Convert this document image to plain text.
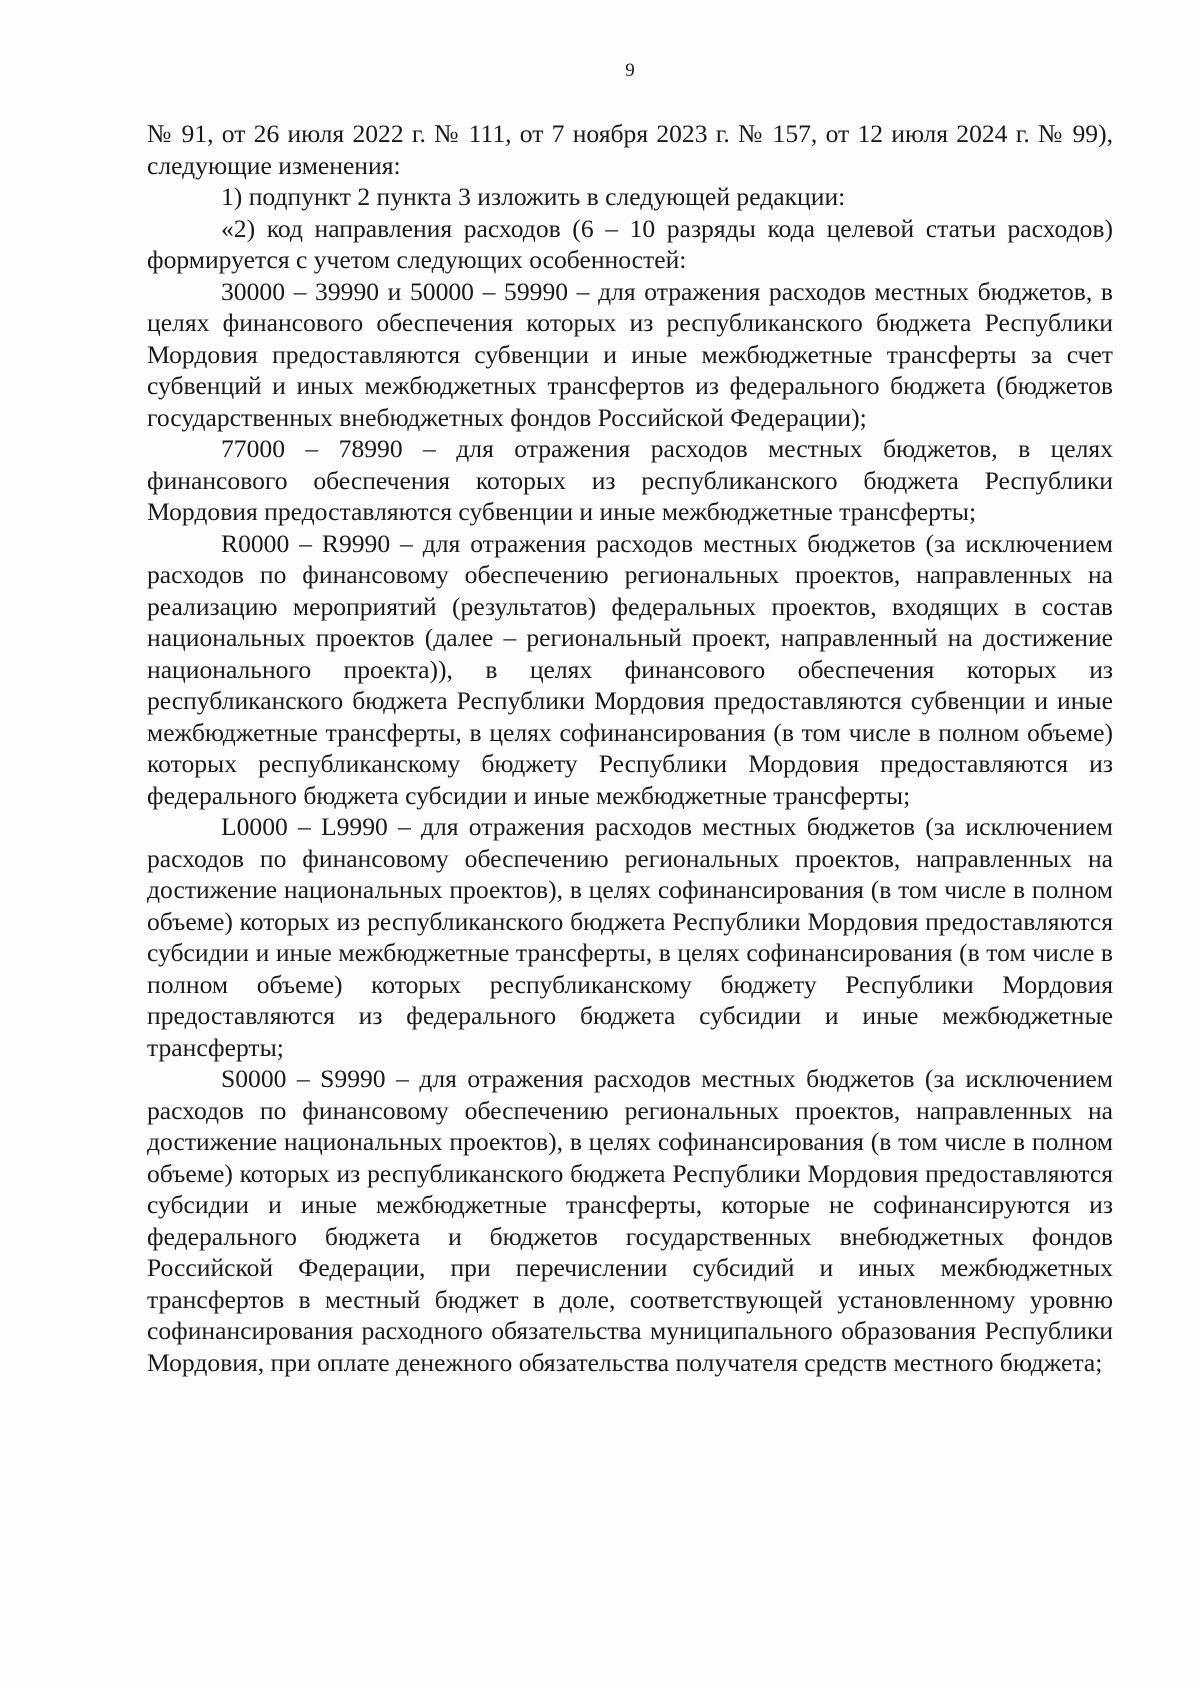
9

№ 91, от 26 июля 2022 г. № 111, от 7 ноября 2023 г. № 157, от 12 июля 2024 г. № 99), следующие изменения:

1) подпункт 2 пункта 3 изложить в следующей редакции:

«2) код направления расходов (6 – 10 разряды кода целевой статьи расходов) формируется с учетом следующих особенностей:

30000 – 39990 и 50000 – 59990 – для отражения расходов местных бюджетов, в целях финансового обеспечения которых из республиканского бюджета Республики Мордовия предоставляются субвенции и иные межбюджетные трансферты за счет субвенций и иных межбюджетных трансфертов из федерального бюджета (бюджетов государственных внебюджетных фондов Российской Федерации);

77000 – 78990 – для отражения расходов местных бюджетов, в целях финансового обеспечения которых из республиканского бюджета Республики Мордовия предоставляются субвенции и иные межбюджетные трансферты;

R0000 – R9990 – для отражения расходов местных бюджетов (за исключением расходов по финансовому обеспечению региональных проектов, направленных на реализацию мероприятий (результатов) федеральных проектов, входящих в состав национальных проектов (далее – региональный проект, направленный на достижение национального проекта)), в целях финансового обеспечения которых из республиканского бюджета Республики Мордовия предоставляются субвенции и иные межбюджетные трансферты, в целях софинансирования (в том числе в полном объеме) которых республиканскому бюджету Республики Мордовия предоставляются из федерального бюджета субсидии и иные межбюджетные трансферты;

L0000 – L9990 – для отражения расходов местных бюджетов (за исключением расходов по финансовому обеспечению региональных проектов, направленных на достижение национальных проектов), в целях софинансирования (в том числе в полном объеме) которых из республиканского бюджета Республики Мордовия предоставляются субсидии и иные межбюджетные трансферты, в целях софинансирования (в том числе в полном объеме) которых республиканскому бюджету Республики Мордовия предоставляются из федерального бюджета субсидии и иные межбюджетные трансферты;

S0000 – S9990 – для отражения расходов местных бюджетов (за исключением расходов по финансовому обеспечению региональных проектов, направленных на достижение национальных проектов), в целях софинансирования (в том числе в полном объеме) которых из республиканского бюджета Республики Мордовия предоставляются субсидии и иные межбюджетные трансферты, которые не софинансируются из федерального бюджета и бюджетов государственных внебюджетных фондов Российской Федерации, при перечислении субсидий и иных межбюджетных трансфертов в местный бюджет в доле, соответствующей установленному уровню софинансирования расходного обязательства муниципального образования Республики Мордовия, при оплате денежного обязательства получателя средств местного бюджета;
